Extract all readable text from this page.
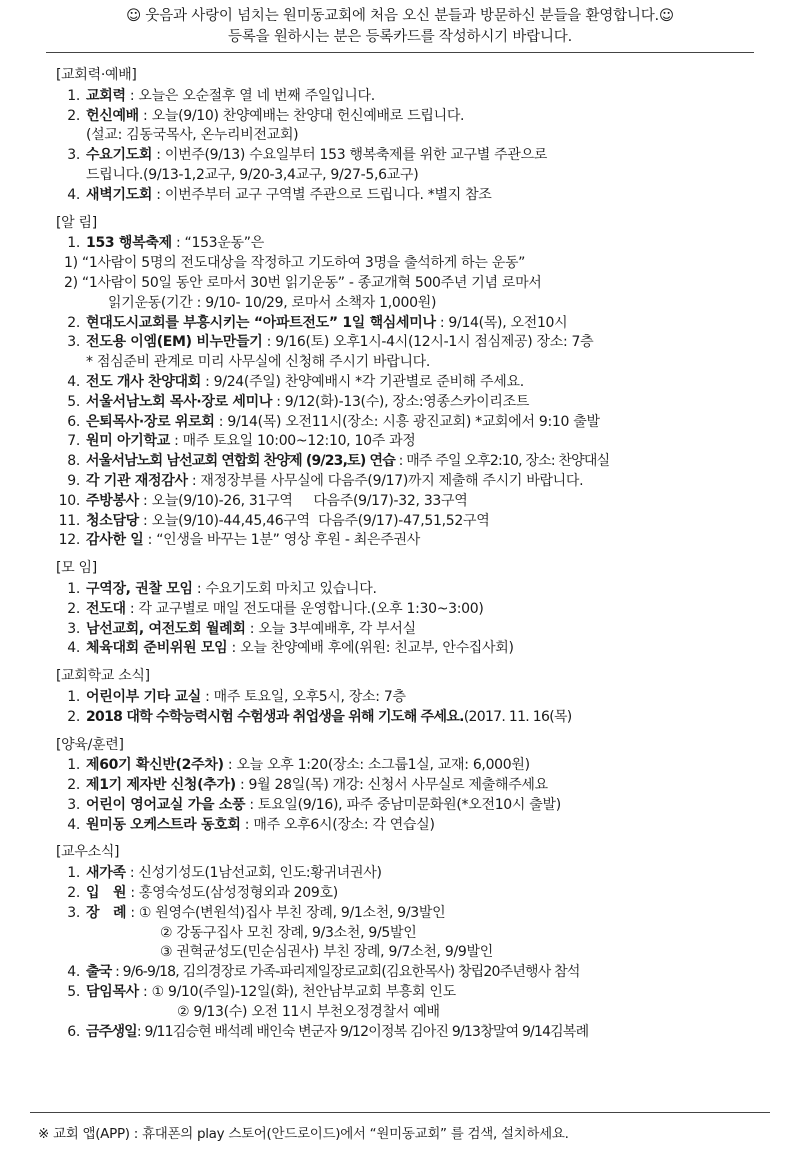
☺ 웃음과 사랑이 넘치는 원미동교회에 처음 오신 분들과 방문하신 분들을 환영합니다.☺
등록을 원하시는 분은 등록카드를 작성하시기 바랍니다.
[교회력·예배]
1. 교회력 : 오늘은 오순절후 열 네 번째 주일입니다.
2. 헌신예배 : 오늘(9/10) 찬양예배는 찬양대 헌신예배로 드립니다.
(설교: 김동국목사, 온누리비전교회)
3. 수요기도회 : 이번주(9/13) 수요일부터 153 행복축제를 위한 교구별 주관으로
드립니다.(9/13-1,2교구, 9/20-3,4교구, 9/27-5,6교구)
4. 새벽기도회 : 이번주부터 교구 구역별 주관으로 드립니다. *별지 참조
[알 림]
1. 153 행복축제 : “153운동”은
1) “1사람이 5명의 전도대상을 작정하고 기도하여 3명을 출석하게 하는 운동”
2) “1사람이 50일 동안 로마서 30번 읽기운동” - 종교개혁 500주년 기념 로마서
읽기운동(기간 : 9/10- 10/29, 로마서 소책자 1,000원)
2. 현대도시교회를 부흥시키는 “아파트전도” 1일 핵심세미나 : 9/14(목), 오전10시
3. 전도용 이엠(EM) 비누만들기 : 9/16(토) 오후1시-4시(12시-1시 점심제공) 장소: 7층
* 점심준비 관계로 미리 사무실에 신청해 주시기 바랍니다.
4. 전도 개사 찬양대회 : 9/24(주일) 찬양예배시 *각 기관별로 준비해 주세요.
5. 서울서남노회 목사·장로 세미나 : 9/12(화)-13(수), 장소:영종스카이리조트
6. 은퇴목사·장로 위로회 : 9/14(목) 오전11시(장소: 시흥 광진교회) *교회에서 9:10 출발
7. 원미 아기학교 : 매주 토요일 10:00~12:10, 10주 과정
8. 서울서남노회 남선교회 연합회 찬양제 (9/23,토) 연습 : 매주 주일 오후2:10, 장소: 찬양대실
9. 각 기관 재정감사 : 재정장부를 사무실에 다음주(9/17)까지 제출해 주시기 바랍니다.
10. 주방봉사 : 오늘(9/10)-26, 31구역     다음주(9/17)-32, 33구역
11. 청소담당 : 오늘(9/10)-44,45,46구역  다음주(9/17)-47,51,52구역
12. 감사한 일 : “인생을 바꾸는 1분” 영상 후원 - 최은주권사
[모 임]
1. 구역장, 권찰 모임 : 수요기도회 마치고 있습니다.
2. 전도대 : 각 교구별로 매일 전도대를 운영합니다.(오후 1:30~3:00)
3. 남선교회, 여전도회 월례회 : 오늘 3부예배후, 각 부서실
4. 체육대회 준비위원 모임 : 오늘 찬양예배 후에(위원: 친교부, 안수집사회)
[교회학교 소식]
1. 어린이부 기타 교실 : 매주 토요일, 오후5시, 장소: 7층
2. 2018 대학 수학능력시험 수험생과 취업생을 위해 기도해 주세요.(2017. 11. 16(목)
[양육/훈련]
1. 제60기 확신반(2주차) : 오늘 오후 1:20(장소: 소그룹1실, 교재: 6,000원)
2. 제1기 제자반 신청(추가) : 9월 28일(목) 개강: 신청서 사무실로 제출해주세요
3. 어린이 영어교실 가을 소풍 : 토요일(9/16), 파주 중남미문화원(*오전10시 출발)
4. 원미동 오케스트라 동호회 : 매주 오후6시(장소: 각 연습실)
[교우소식]
1. 새가족 : 신성기성도(1남선교회, 인도:황귀녀권사)
2. 입   원 : 홍영숙성도(삼성정형외과 209호)
3. 장   례 : ① 원영수(변원석)집사 부친 장례, 9/1소천, 9/3발인
② 강동구집사 모친 장례, 9/3소천, 9/5발인
③ 권혁균성도(민순심권사) 부친 장례, 9/7소천, 9/9발인
4. 출국 : 9/6-9/18, 김의경장로 가족-파리제일장로교회(김요한목사) 창립20주년행사 참석
5. 담임목사 : ① 9/10(주일)-12일(화), 천안남부교회 부흥회 인도
② 9/13(수) 오전 11시 부천오정경찰서 예배
6. 금주생일: 9/11김승현 배석례 배인숙 변군자 9/12이정복 김아진 9/13창말여 9/14김복례
※ 교회 앱(APP) : 휴대폰의 play 스토어(안드로이드)에서 “원미동교회” 를 검색, 설치하세요.
